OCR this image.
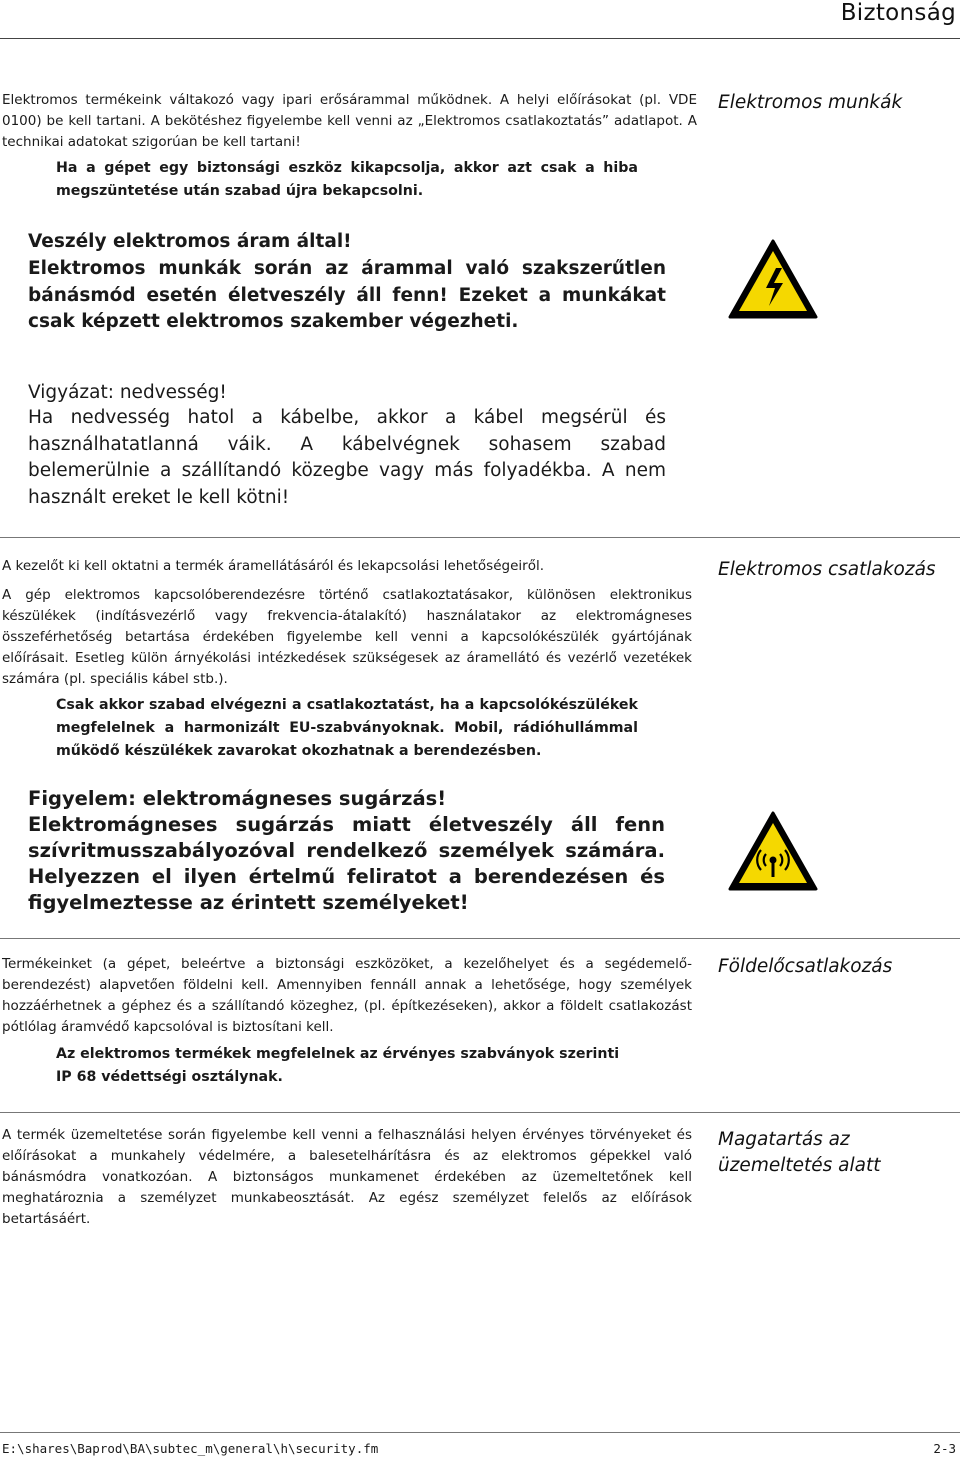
Biztonság
Elektromos munkák
Elektromos termékeink váltakozó vagy ipari erősárammal működnek. A helyi előírásokat (pl. VDE 0100) be kell tartani. A bekötéshez figyelembe kell venni az „Elektromos csatlakoztatás” adatlapot. A technikai adatokat szigorúan be kell tartani!
Ha a gépet egy biztonsági eszköz kikapcsolja, akkor azt csak a hiba megszüntetése után szabad újra bekapcsolni.
Veszély elektromos áram által!
Elektromos munkák során az árammal való szakszerűtlen bánásmód esetén életveszély áll fenn! Ezeket a munkákat csak képzett elektromos szakember végezheti.
Vigyázat: nedvesség!
Ha nedvesség hatol a kábelbe, akkor a kábel megsérül és használhatatlanná váik. A kábelvégnek sohasem szabad belemerülnie a szállítandó közegbe vagy más folyadékba. A nem használt ereket le kell kötni!
Elektromos csatlakozás
A kezelőt ki kell oktatni a termék áramellátásáról és lekapcsolási lehetőségeiről.
A gép elektromos kapcsolóberendezésre történő csatlakoztatásakor, különösen elektronikus készülékek (indításvezérlő vagy frekvencia-átalakító) használatakor az elektromágneses összeférhetőség betartása érdekében figyelembe kell venni a kapcsolókészülék gyártójának előírásait. Esetleg külön árnyékolási intézkedések szükségesek az áramellátó és vezérlő vezetékek számára (pl. speciális kábel stb.).
Csak akkor szabad elvégezni a csatlakoztatást, ha a kapcsolókészülékek megfelelnek a harmonizált EU-szabványoknak. Mobil, rádióhullámmal működő készülékek zavarokat okozhatnak a berendezésben.
Figyelem: elektromágneses sugárzás!
Elektromágneses sugárzás miatt életveszély áll fenn szívritmusszabályozóval rendelkező személyek számára. Helyezzen el ilyen értelmű feliratot a berendezésen és figyelmeztesse az érintett személyeket!
Földelőcsatlakozás
Termékeinket (a gépet, beleértve a biztonsági eszközöket, a kezelőhelyet és a segédemelő-berendezést) alapvetően földelni kell. Amennyiben fennáll annak a lehetősége, hogy személyek hozzáérhetnek a géphez és a szállítandó közeghez, (pl. építkezéseken), akkor a földelt csatlakozást pótlólag áramvédő kapcsolóval is biztosítani kell.
Az elektromos termékek megfelelnek az érvényes szabványok szerinti
IP 68 védettségi osztálynak.
Magatartás az
üzemeltetés alatt
A termék üzemeltetése során figyelembe kell venni a felhasználási helyen érvényes törvényeket és előírásokat a munkahely védelmére, a balesetelhárításra és az elektromos gépekkel való bánásmódra vonatkozóan. A biztonságos munkamenet érdekében az üzemeltetőnek kell meghatároznia a személyzet munkabeosztását. Az egész személyzet felelős az előírások betartásáért.
E:\shares\Baprod\BA\subtec_m\general\h\security.fm	2-3
